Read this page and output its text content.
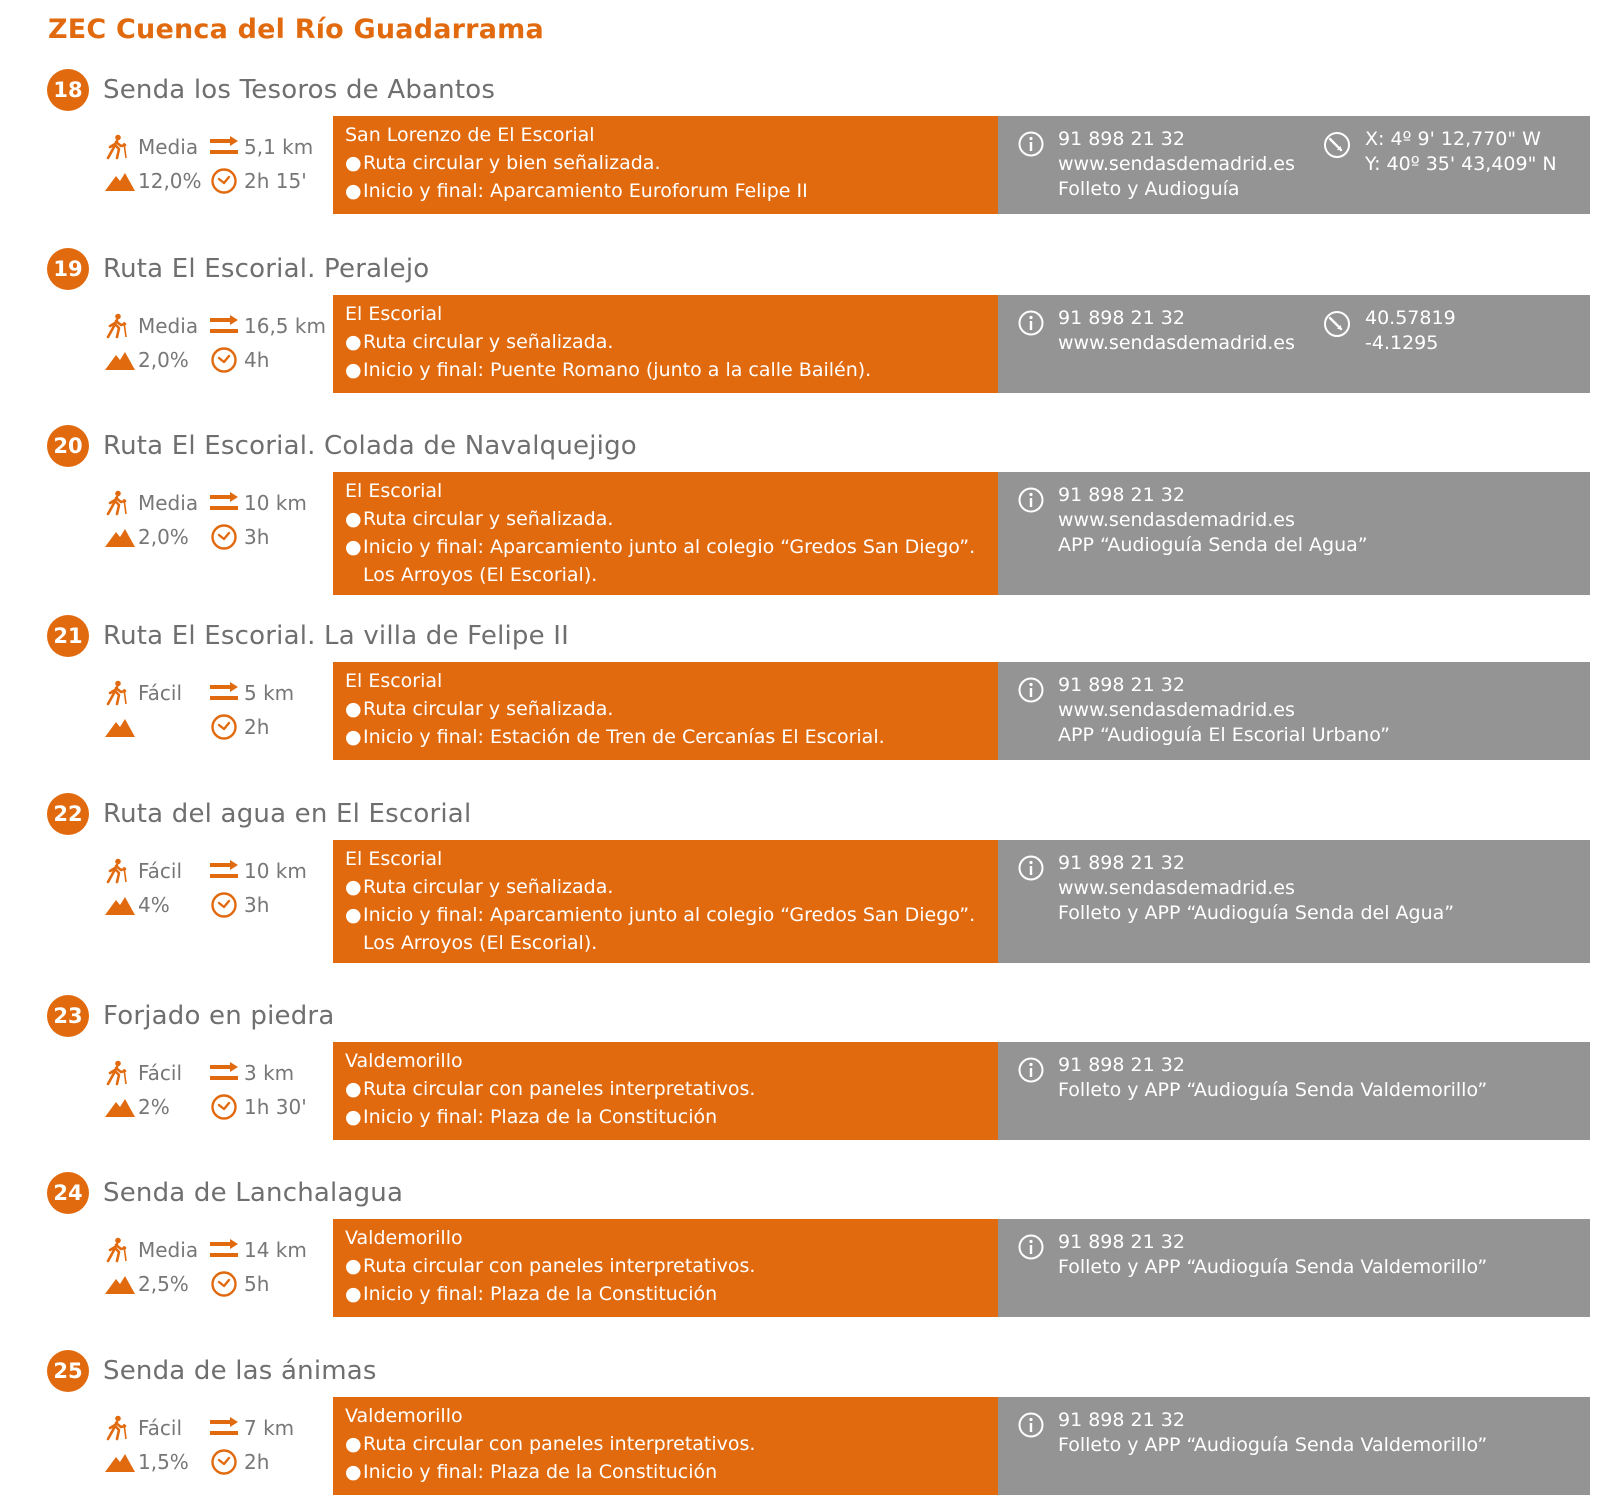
ZEC Cuenca del Río Guadarrama
18 Senda los Tesoros de Abantos
Media
12,0%
5,1 km
2h 15'
San Lorenzo de El Escorial
● Ruta circular y bien señalizada.
● Inicio y final: Aparcamiento Euroforum Felipe II
91 898 21 32
www.sendasdemadrid.es
Folleto y Audioguía
X: 4º 9' 12,770" W
Y: 40º 35' 43,409" N
19 Ruta El Escorial. Peralejo
Media
2,0%
16,5 km
4h
El Escorial
● Ruta circular y señalizada.
● Inicio y final: Puente Romano (junto a la calle Bailén).
91 898 21 32
www.sendasdemadrid.es
40.57819
-4.1295
20 Ruta El Escorial. Colada de Navalquejigo
Media
2,0%
10 km
3h
El Escorial
● Ruta circular y señalizada.
● Inicio y final: Aparcamiento junto al colegio “Gredos San Diego”. Los Arroyos (El Escorial).
91 898 21 32
www.sendasdemadrid.es
APP “Audioguía Senda del Agua”
21 Ruta El Escorial. La villa de Felipe II
Fácil	5 km
2h
El Escorial
● Ruta circular y señalizada.
● Inicio y final: Estación de Tren de Cercanías El Escorial.
91 898 21 32
www.sendasdemadrid.es
APP “Audioguía El Escorial Urbano”
22 Ruta del agua en El Escorial
Fácil
4%
10 km
3h
El Escorial
● Ruta circular y señalizada.
● Inicio y final: Aparcamiento junto al colegio “Gredos San Diego”. Los Arroyos (El Escorial).
91 898 21 32
www.sendasdemadrid.es
Folleto y APP “Audioguía Senda del Agua”
23 Forjado en piedra
Fácil
2%
3 km
1h 30'
Valdemorillo
● Ruta circular con paneles interpretativos.
● Inicio y final: Plaza de la Constitución
91 898 21 32
Folleto y APP “Audioguía Senda Valdemorillo”
24 Senda de Lanchalagua
Media
2,5%
14 km
5h
Valdemorillo
● Ruta circular con paneles interpretativos.
● Inicio y final: Plaza de la Constitución
91 898 21 32
Folleto y APP “Audioguía Senda Valdemorillo”
25 Senda de las ánimas
Fácil
1,5%
7 km
2h
Valdemorillo
● Ruta circular con paneles interpretativos.
● Inicio y final: Plaza de la Constitución
91 898 21 32
Folleto y APP “Audioguía Senda Valdemorillo”
